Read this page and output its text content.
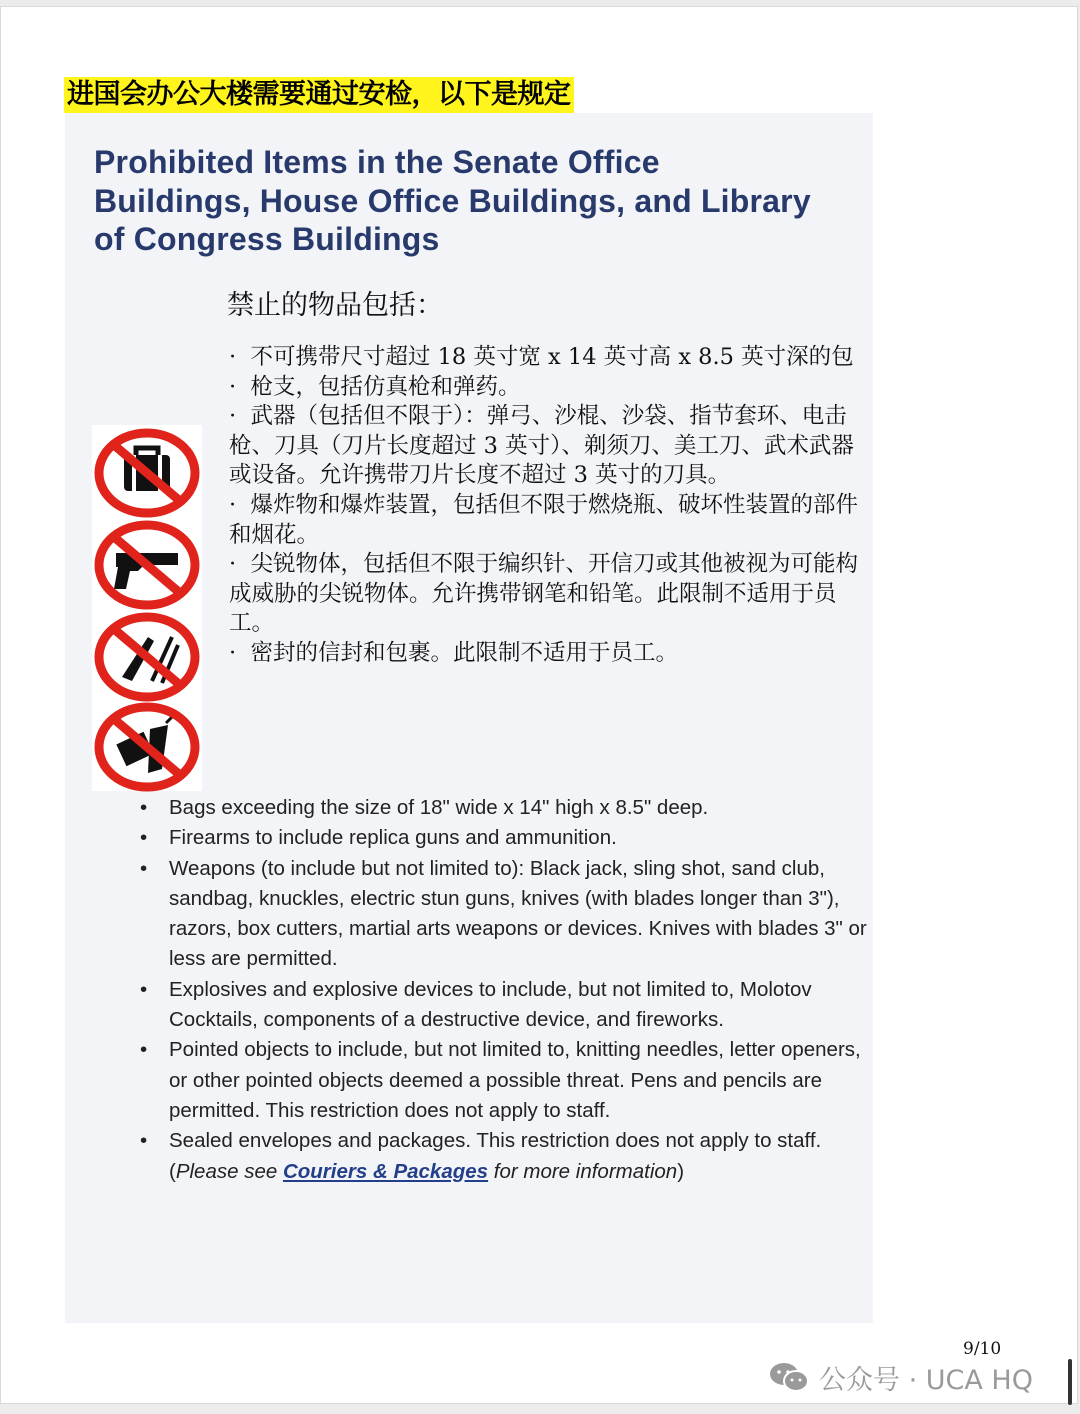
进国会办公大楼需要通过安检，以下是规定
Prohibited Items in the Senate Office Buildings, House Office Buildings, and Library of Congress Buildings
禁止的物品包括：
·  不可携带尺寸超过 18 英寸宽 x 14 英寸高 x 8.5 英寸深的包
·  枪支，包括仿真枪和弹药。
·  武器（包括但不限于）：弹弓、沙棍、沙袋、指节套环、电击枪、刀具（刀片长度超过 3 英寸）、剃须刀、美工刀、武术武器或设备。允许携带刀片长度不超过 3 英寸的刀具。
·  爆炸物和爆炸装置，包括但不限于燃烧瓶、破坏性装置的部件和烟花。
·  尖锐物体，包括但不限于编织针、开信刀或其他被视为可能构成威胁的尖锐物体。允许携带钢笔和铅笔。此限制不适用于员工。
·  密封的信封和包裹。此限制不适用于员工。
• Bags exceeding the size of 18" wide x 14" high x 8.5" deep.
• Firearms to include replica guns and ammunition.
• Weapons (to include but not limited to): Black jack, sling shot, sand club, sandbag, knuckles, electric stun guns, knives (with blades longer than 3"), razors, box cutters, martial arts weapons or devices. Knives with blades 3" or less are permitted.
• Explosives and explosive devices to include, but not limited to, Molotov Cocktails, components of a destructive device, and fireworks.
• Pointed objects to include, but not limited to, knitting needles, letter openers, or other pointed objects deemed a possible threat. Pens and pencils are permitted. This restriction does not apply to staff.
• Sealed envelopes and packages. This restriction does not apply to staff. (Please see Couriers & Packages for more information)
9/10
公众号 · UCA HQ
